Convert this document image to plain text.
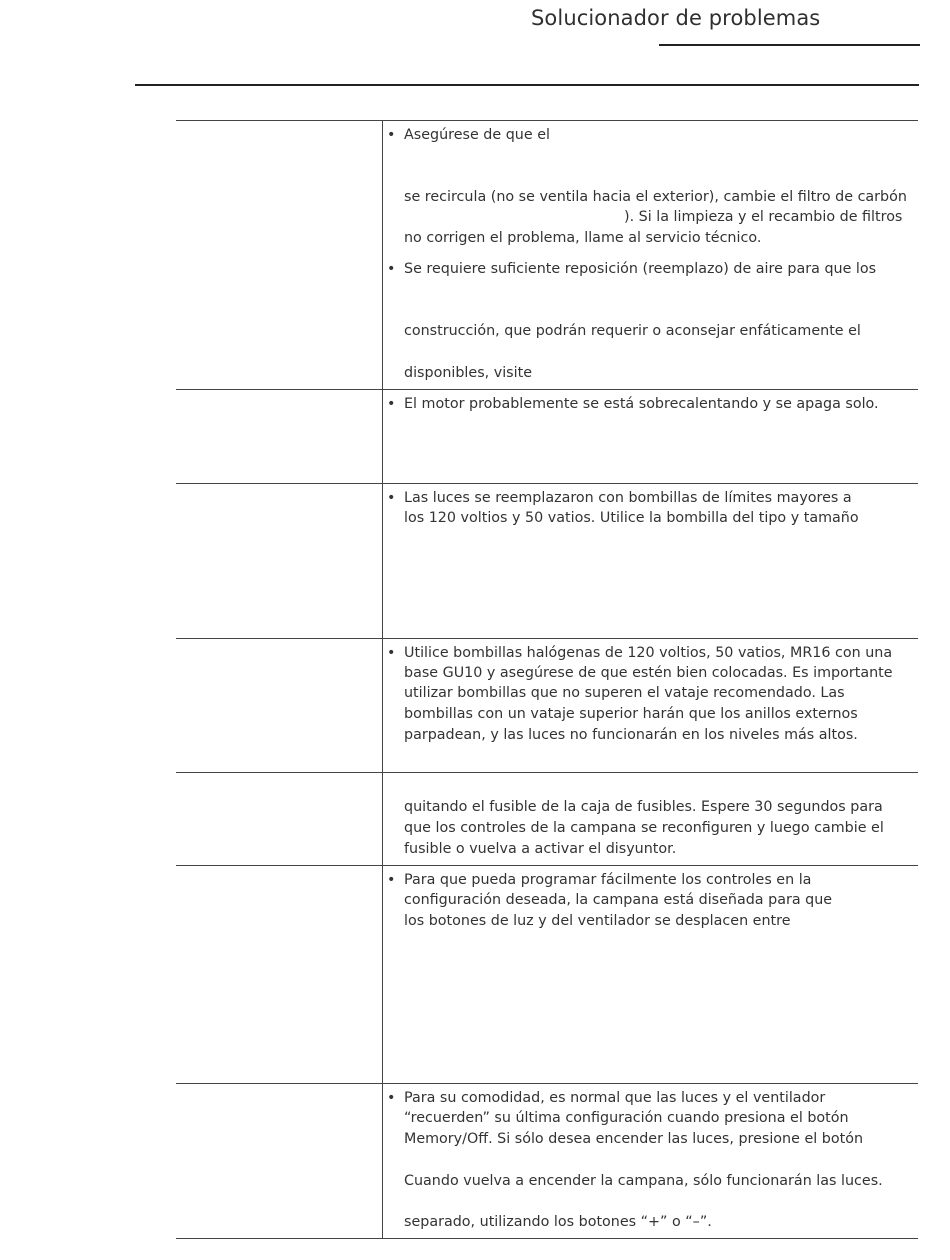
Solucionador de problemas
• Asegúrese de que el
se recircula (no se ventila hacia el exterior), cambie el filtro de carbón
). Si la limpieza y el recambio de filtros
no corrigen el problema, llame al servicio técnico.
• Se requiere suficiente reposición (reemplazo) de aire para que los
construcción, que podrán requerir o aconsejar enfáticamente el
disponibles, visite
• El motor probablemente se está sobrecalentando y se apaga solo.
• Las luces se reemplazaron con bombillas de límites mayores a
los 120 voltios y 50 vatios. Utilice la bombilla del tipo y tamaño
• Utilice bombillas halógenas de 120 voltios, 50 vatios, MR16 con una
base GU10 y asegúrese de que estén bien colocadas. Es importante
utilizar bombillas que no superen el vataje recomendado. Las
bombillas con un vataje superior harán que los anillos externos
parpadean, y las luces no funcionarán en los niveles más altos.
quitando el fusible de la caja de fusibles. Espere 30 segundos para
que los controles de la campana se reconfiguren y luego cambie el
fusible o vuelva a activar el disyuntor.
• Para que pueda programar fácilmente los controles en la
configuración deseada, la campana está diseñada para que
los botones de luz y del ventilador se desplacen entre
• Para su comodidad, es normal que las luces y el ventilador
“recuerden” su última configuración cuando presiona el botón
Memory/Off. Si sólo desea encender las luces, presione el botón
Cuando vuelva a encender la campana, sólo funcionarán las luces.
separado, utilizando los botones “+” o “–”.
